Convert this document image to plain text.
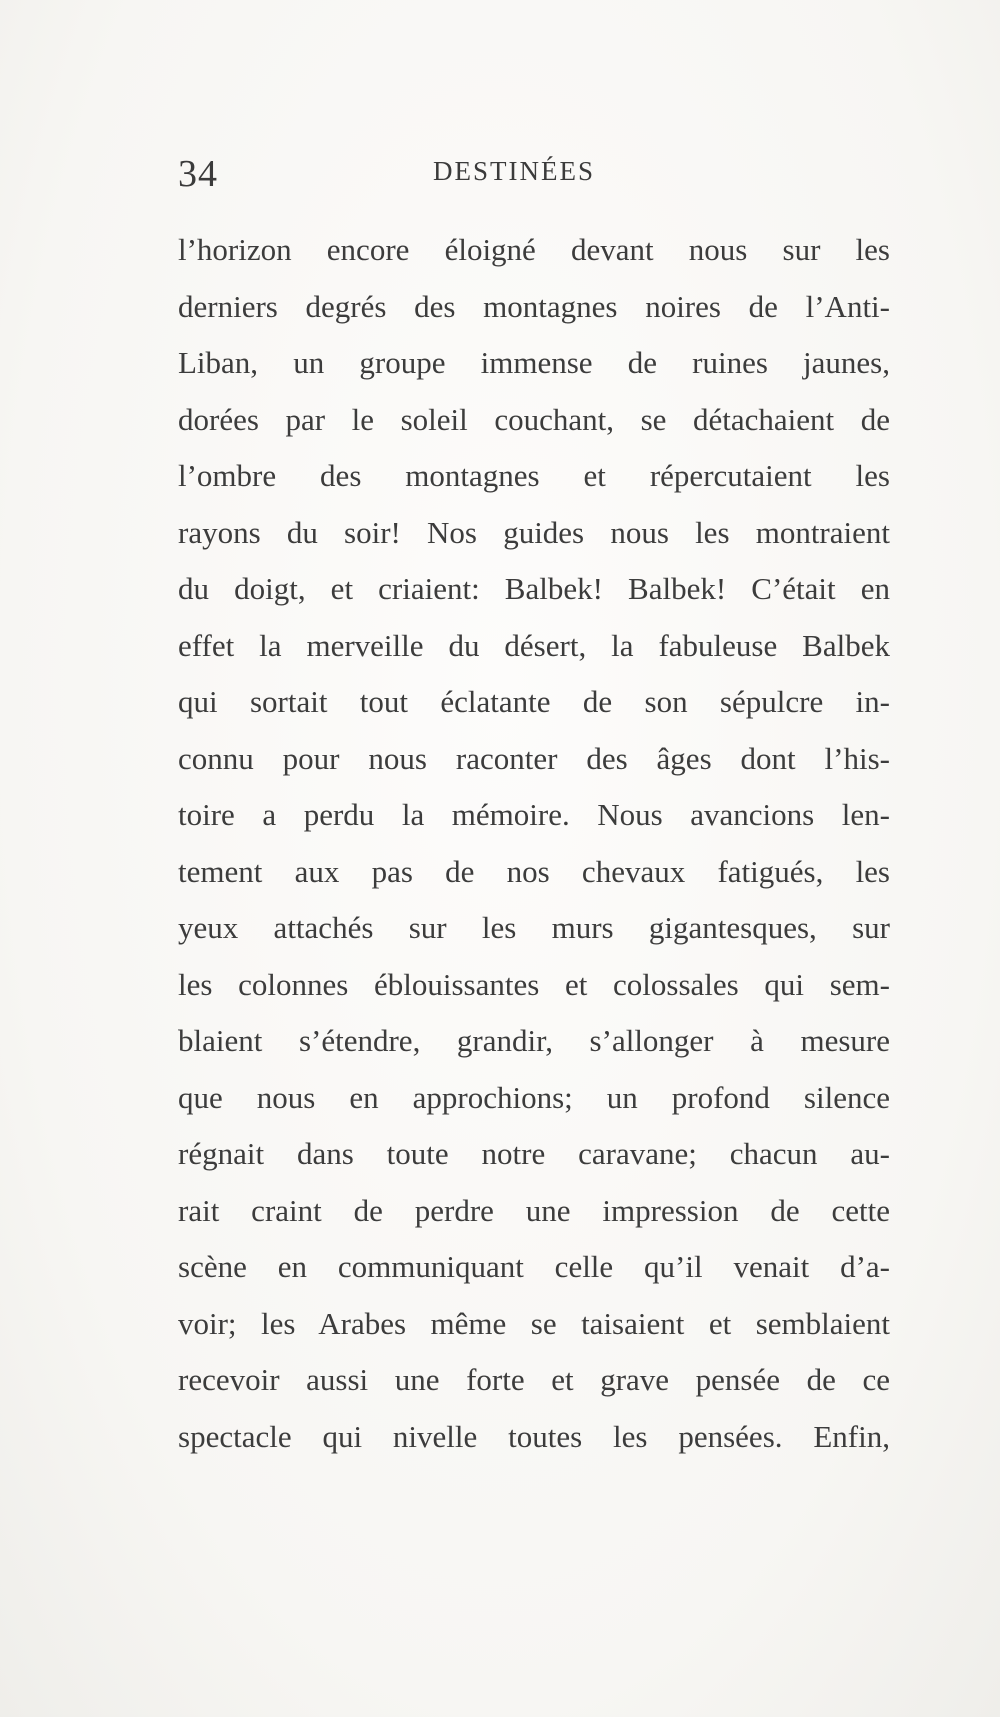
34	DESTINÉES
l’horizon encore éloigné devant nous sur les
derniers degrés des montagnes noires de l’Anti-
Liban, un groupe immense de ruines jaunes,
dorées par le soleil couchant, se détachaient de
l’ombre des montagnes et répercutaient les
rayons du soir! Nos guides nous les montraient
du doigt, et criaient: Balbek! Balbek! C’était en
effet la merveille du désert, la fabuleuse Balbek
qui sortait tout éclatante de son sépulcre in-
connu pour nous raconter des âges dont l’his-
toire a perdu la mémoire. Nous avancions len-
tement aux pas de nos chevaux fatigués, les
yeux attachés sur les murs gigantesques, sur
les colonnes éblouissantes et colossales qui sem-
blaient s’étendre, grandir, s’allonger à mesure
que nous en approchions; un profond silence
régnait dans toute notre caravane; chacun au-
rait craint de perdre une impression de cette
scène en communiquant celle qu’il venait d’a-
voir; les Arabes même se taisaient et semblaient
recevoir aussi une forte et grave pensée de ce
spectacle qui nivelle toutes les pensées. Enfin,
